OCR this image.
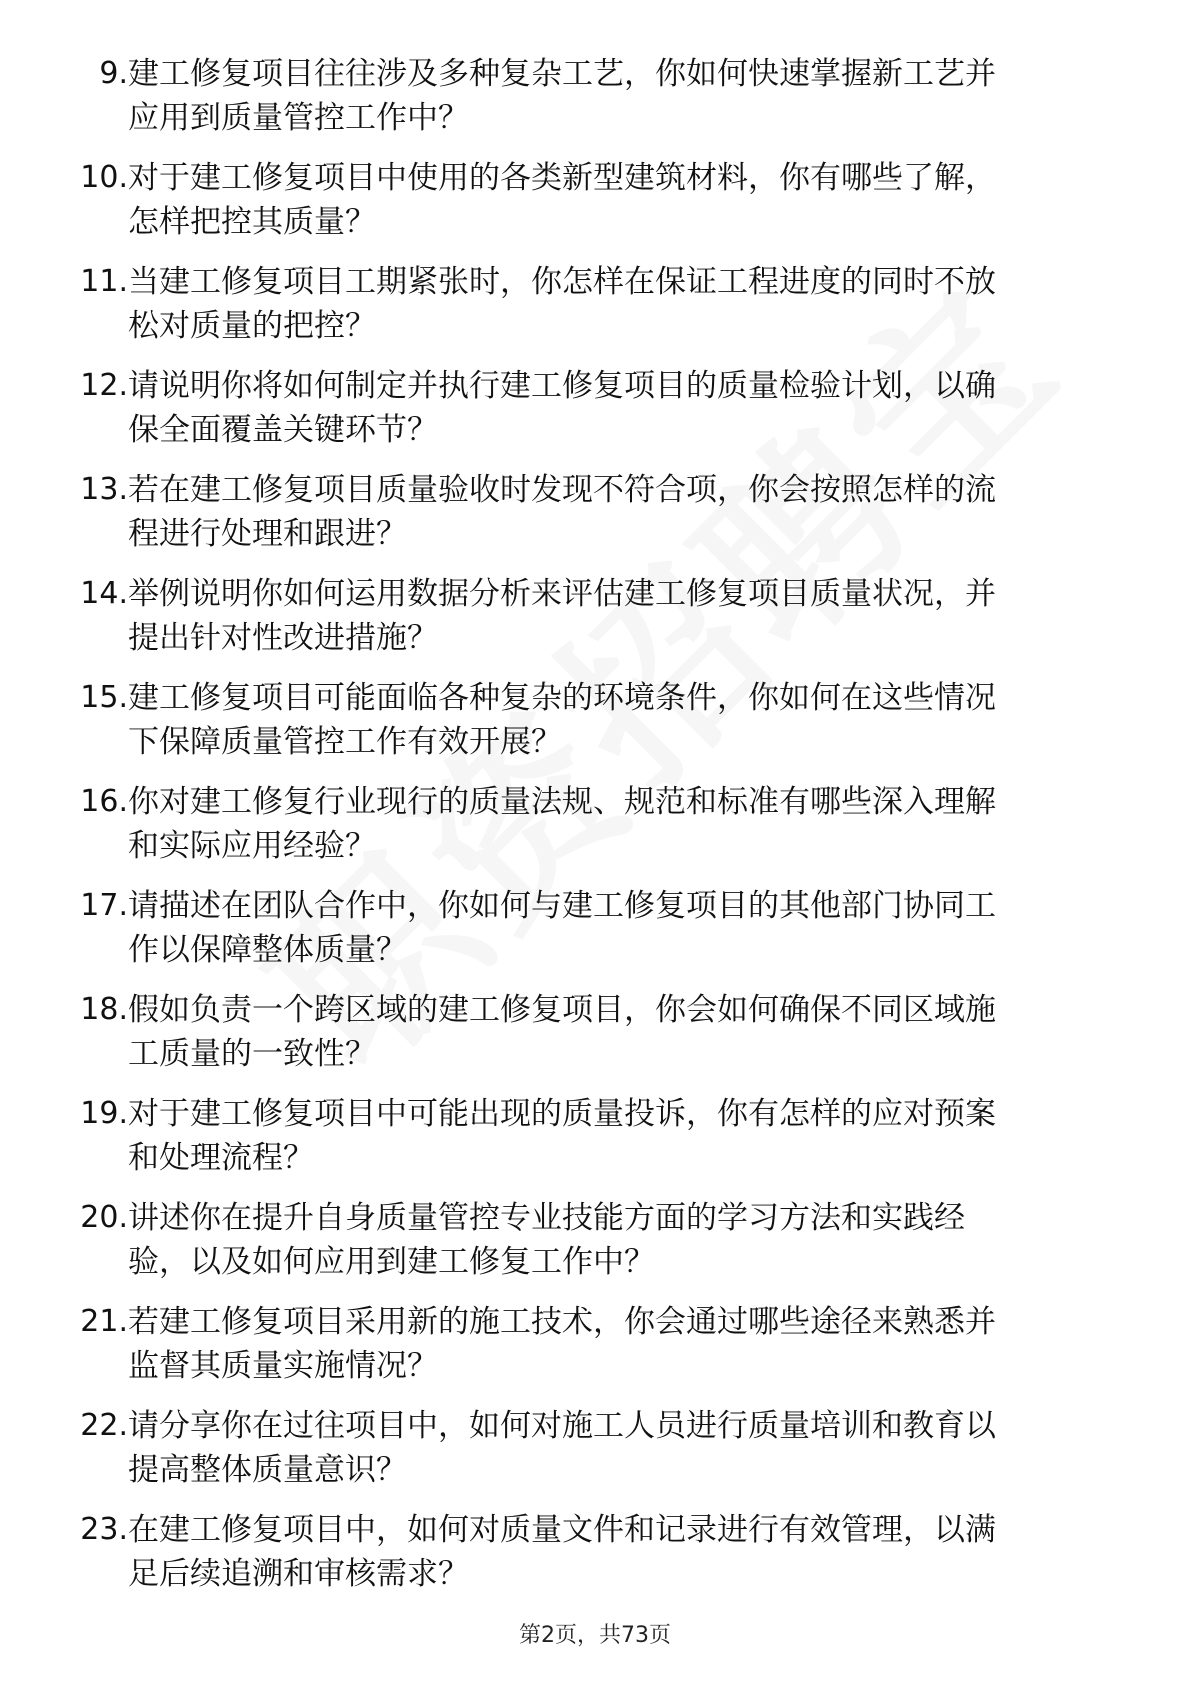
9. 建工修复项目往往涉及多种复杂工艺，你如何快速掌握新工艺并
应用到质量管控工作中？
10. 对于建工修复项目中使用的各类新型建筑材料，你有哪些了解，
怎样把控其质量？
11. 当建工修复项目工期紧张时，你怎样在保证工程进度的同时不放
松对质量的把控？
12. 请说明你将如何制定并执行建工修复项目的质量检验计划，以确
保全面覆盖关键环节？
13. 若在建工修复项目质量验收时发现不符合项，你会按照怎样的流
程进行处理和跟进？
14. 举例说明你如何运用数据分析来评估建工修复项目质量状况，并
提出针对性改进措施？
15. 建工修复项目可能面临各种复杂的环境条件，你如何在这些情况
下保障质量管控工作有效开展？
16. 你对建工修复行业现行的质量法规、规范和标准有哪些深入理解
和实际应用经验？
17. 请描述在团队合作中，你如何与建工修复项目的其他部门协同工
作以保障整体质量？
18. 假如负责一个跨区域的建工修复项目，你会如何确保不同区域施
工质量的一致性？
19. 对于建工修复项目中可能出现的质量投诉，你有怎样的应对预案
和处理流程？
20. 讲述你在提升自身质量管控专业技能方面的学习方法和实践经
验，以及如何应用到建工修复工作中？
21. 若建工修复项目采用新的施工技术，你会通过哪些途径来熟悉并
监督其质量实施情况？
22. 请分享你在过往项目中，如何对施工人员进行质量培训和教育以
提高整体质量意识？
23. 在建工修复项目中，如何对质量文件和记录进行有效管理，以满
足后续追溯和审核需求？
第2页，共73页
